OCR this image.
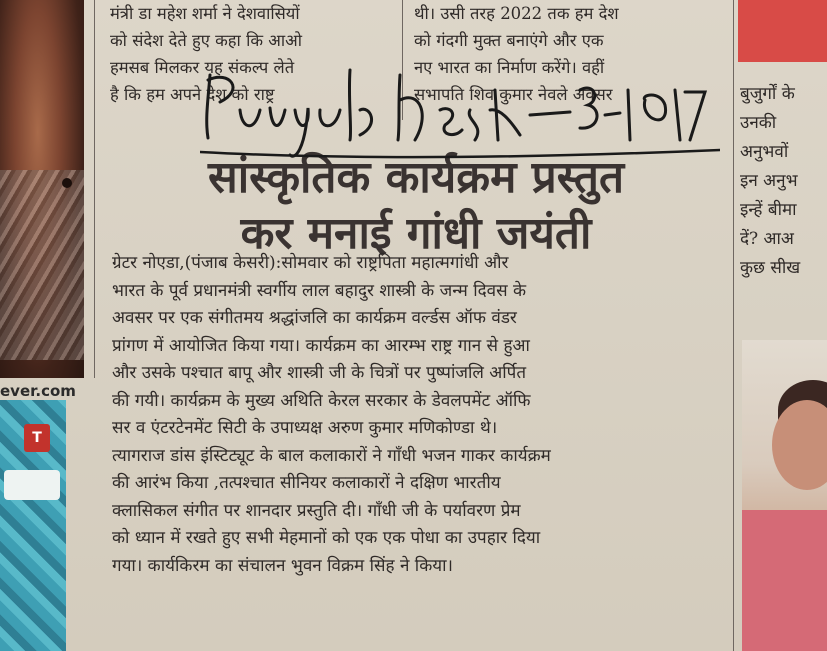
ever.com
T
मंत्री डा महेश शर्मा ने देशवासियों
को संदेश देते हुए कहा कि आओ
हमसब मिलकर यह संकल्प लेते
है कि हम अपने देश को राष्ट्र
थी। उसी तरह 2022 तक हम देश
को गंदगी मुक्त बनाएंगे और एक
नए भारत का निर्माण करेंगे। वहीं
सभापति शिव कुमार नेवले अवसर
सांस्कृतिक कार्यक्रम प्रस्तुत
कर मनाई गांधी जयंती
ग्रेटर नोएडा,(पंजाब केसरी):सोमवार को राष्ट्रपिता महात्मगांधी और
भारत के पूर्व प्रधानमंत्री स्वर्गीय लाल बहादुर शास्त्री के जन्म दिवस के
अवसर पर एक संगीतमय श्रद्धांजलि का कार्यक्रम वर्ल्डस ऑफ वंडर
प्रांगण में आयोजित किया गया। कार्यक्रम का आरम्भ राष्ट्र गान से हुआ
और उसके पश्चात बापू और शास्त्री जी के चित्रों पर पुष्पांजलि अर्पित
की गयी। कार्यक्रम के मुख्य अथिति केरल सरकार के डेवलपमेंट ऑफि
सर व एंटरटेनमेंट सिटी के उपाध्यक्ष अरुण कुमार मणिकोण्डा थे।
त्यागराज डांस इंस्टिट्यूट के बाल कलाकारों ने गाँधी भजन गाकर कार्यक्रम
की आरंभ किया ,तत्पश्चात सीनियर कलाकारों ने दक्षिण भारतीय
क्लासिकल संगीत पर शानदार प्रस्तुति दी। गाँधी जी के पर्यावरण प्रेम
को ध्यान में रखते हुए सभी मेहमानों को एक एक पोधा का उपहार दिया
गया। कार्यकिरम का संचालन भुवन विक्रम सिंह ने किया।
बुजुर्गों के
उनकी
अनुभवों
इन अनुभ
इन्हें बीमा
दें? आअ
कुछ सीख
